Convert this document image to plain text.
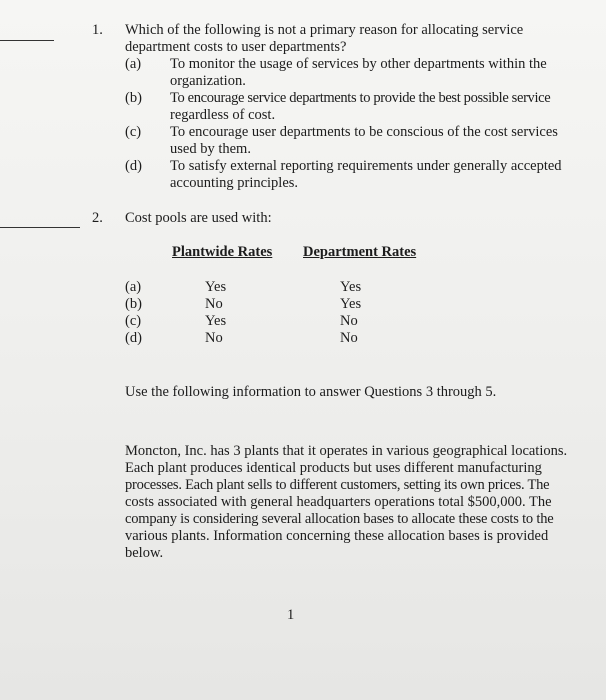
1. Which of the following is not a primary reason for allocating service
department costs to user departments?
(a) To monitor the usage of services by other departments within the
organization.
(b) To encourage service departments to provide the best possible service
regardless of cost.
(c) To encourage user departments to be conscious of the cost services
used by them.
(d) To satisfy external reporting requirements under generally accepted
accounting principles.
2. Cost pools are used with:
Plantwide Rates Department Rates
(a)	Yes	Yes
(b)	No	Yes
(c)	Yes	No
(d)	No	No
Use the following information to answer Questions 3 through 5.
Moncton, Inc. has 3 plants that it operates in various geographical locations.
Each plant produces identical products but uses different manufacturing
processes. Each plant sells to different customers, setting its own prices. The
costs associated with general headquarters operations total $500,000. The
company is considering several allocation bases to allocate these costs to the
various plants. Information concerning these allocation bases is provided
below.
1
